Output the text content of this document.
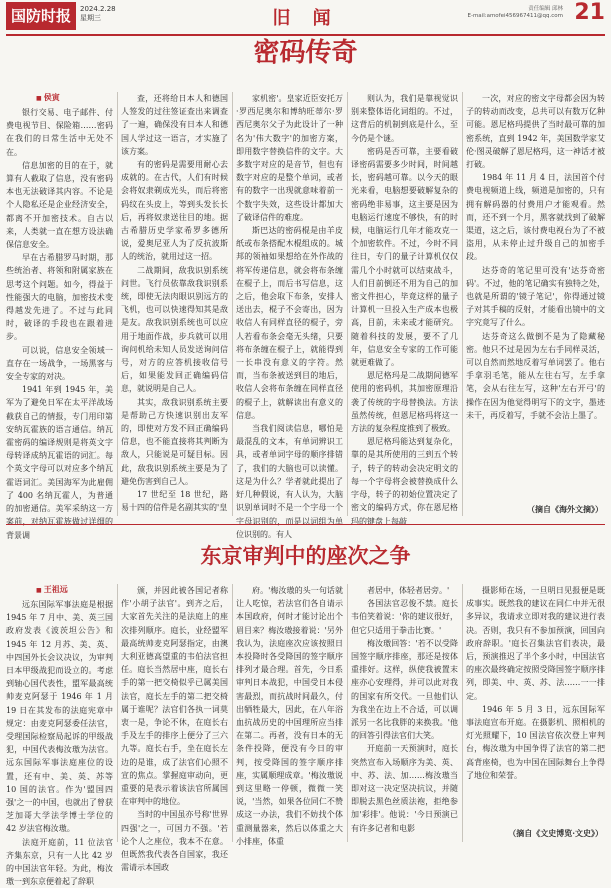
国防时报	2024.2.28
星期三	旧 闻	责任编辑 邱林
E-mail:amofei456967411@qq.com 21
密码传奇
■ 侯寅

银行交易、电子邮件、付费电视节目、保险箱……密码在我们的日常生活中无处不在。

信息加密的目的在于，就算有人截取了信息，没有密码本也无法破译其内容。不论是个人隐私还是企业经济安全，都离不开加密技术。自古以来，人类就一直在想方设法确保信息安全。

早在古希腊罗马时期，那些统治者、将领和附属家族在思考这个问题。如今，得益于性能强大的电脑，加密技术变得越发先进了。不过与此同时，破译的手段也在跟着进步。

可以说，信息安全领域一直存在一场战争，一场黑客与安全专家的对决。

1941 年到 1945 年，美军为了避免日军在太平洋战场截获自己的情报，专门用印第安纳瓦霍族的语言通信。纳瓦霍密码的编译规则是将英文字母转译成纳瓦霍语的词汇。每个英文字母可以对应多个纳瓦霍语词汇。美国海军为此雇佣了 400 名纳瓦霍人，为普通的加密通信。美军采纳这一方案前，对纳瓦霍族做过详细的背景调

查，还将给日本人和德国人签发的过往签证查出来调查了一遍，确保没有日本人和德国人学过这一语言，才实施了该方案。

有的密码是需要用耐心去成就的。在古代，人们有时候会将奴隶剃成光头，而后将密码纹在头皮上，等到头发长长后，再将奴隶送往目的地。据古希腊历史学家希罗多德所说，爱奥尼亚人为了反抗波斯人的统治，就用过这一招。

二战期间，敌我识别系统问世。飞行员依靠敌我识别系统，即使无法肉眼识别远方的飞机，也可以快速得知其是敌是友。敌我识别系统也可以应用于地面作战，步兵就可以用询问机给未知人员发送询问信号，对方的应答机接收信号后，如果能发回正确编码信息，就说明是自己人。

其实，敌我识别系统主要是帮助己方快速识别出友军的，即使对方发不回正确编码信息，也不能直接将其判断为敌人，只能说是可疑目标。因此，敌我识别系统主要是为了避免伤害到自己人。

17 世纪至 18 世纪，路易十四的信件是名副其实的'皇

家机密'。皇家近臣安托万·罗西尼奥尔和博纳旺蒂尔·罗西尼奥尔父子为此设计了一种名为'伟大数字'的加密方案，即用数字替换信件的文字。大多数字对应的是音节，但也有数字对应的是整个单词，或者有的数字一出现就意味着前一个数字失效，这些设计都加大了破译信件的难度。

斯巴达的密码棍是由羊皮纸或布条搭配木棍组成的。城邦的领袖如果想给在外作战的将军传递信息，就会将布条缠在棍子上，而后书写信息，这之后，他会取下布条，安排人送出去，棍子不会寄出，因为收信人有同样直径的棍子，旁人若看布条会毫无头绪，只要将布条缠在棍子上，就能得到一长串没有意义的字符。然而，当布条被送到目的地后，收信人会将布条缠在同样直径的棍子上，就解读出有意义的信息。

当我们阅读信息，哪怕是最混乱的文本，有单词辨识工具，或者单词字母的顺序排错了，我们的大脑也可以读懂。这是为什么？学者就此提出了好几种假说，有人认为，大脑识别单词时不是一个字母一个字母识别的，而是以词组为单位识别的。有人

则认为，我们是靠视觉识别来整体语化词组的。不过，这背后的机制到底是什么，至今仍是个谜。

密码是否可靠，主要看破译密码需要多少时间，时间越长，密码越可靠。以今天的眼光来看，电脑想要破解复杂的密码绝非易事，这主要是因为电脑运行速度不够快，有的时候，电脑运行几年才能攻克一个加密软件。不过，今时不同往日，专门的量子计算机仅仅需几个小时就可以结束战斗，人们目前倒还不用为自己的加密文件担心，毕竟这样的量子计算机一旦投入生产成本也极高，目前，未来或才能研究。随着科技的发展，要不了几年，信息安全专家的工作可能就更难做了。

恩尼格玛是二战期间德军使用的密码机，其加密原理沿袭了传统的字母替换法。方法虽然传统，但恩尼格玛将这一方法的复杂程度推到了极致。

恩尼格玛能达到复杂化，靠的是其所使用的三到五个转子，转子的转动会决定明文的每一个字母将会被替换成什么字母，转子的初始位置决定了密文的编码方式，你在恩尼格玛的键盘上每敲

一次，对应的密文字母都会因为转子的转动而改变，总共可以有数万亿种可能。恩尼格玛提供了当时最可靠的加密系统，直到 1942 年，美国数学家艾伦·图灵破解了恩尼格玛，这一神话才被打破。

1984 年 11 月 4 日，法国首个付费电视频道上线，频道是加密的，只有拥有解码器的付费用户才能观看。然而，还不到一个月，黑客就找到了破解渠道，这之后，该付费电视台为了不被盗用，从未停止过升级自己的加密手段。

达芬奇的笔记里可没有'达芬奇密码'。不过，他的笔记确实有独特之处，也就是所谓的'镜子笔记'，你得通过镜子对其手稿的反射，才能看出镜中的文字究竟写了什么。

达芬奇这么做倒不是为了隐藏秘密。他只不过是因为左右手同样灵活，可以自然而然地反着写单词罢了。他右手拿羽毛笔，能从左往右写，左手拿笔，会从右往左写，这种'左右开弓'的操作在因为他觉得明写下的文字，墨迹未干，再反着写，手就不会沾上墨了。

（摘自《海外文摘》）
东京审判中的座次之争
■ 王祖远

远东国际军事法庭是根据 1945 年 7 月中、美、英三国政府发表《波茨坦公告》和 1945 年 12 月苏、美、英、中四国外长会议决议，为审判日本甲级战犯而设立的。考虑到轴心国代表性，盟军最高统帅麦克阿瑟于 1946 年 1 月 19 日在其发布的法庭宪章中规定：由麦克阿瑟委任法官，受理国际检察局起诉的甲级战犯，中国代表梅汝璈为法官。远东国际军事法庭座位的设置，还有中、美、英、苏等 10 国的法官。作为'盟国四强'之一的中国，也就出了曾获芝加哥大学法学博士学位的 42 岁法官梅汝璈。

法庭开庭前，11 位法官齐集东京，只有一人比 42 岁的中国法官年轻。为此，梅汝璈一到东京便着起了辞职

颁，并因此被各国记者称作'小胡子法官'。到齐之后，大家首先关注的是法庭上的座次排列顺序。庭长，业经盟军最高统帅麦克阿瑟指定，由澳大利亚德高望重的韦伯法官担任。庭长当然居中座，庭长右手的第一把交椅似乎已属美国法官，庭长左手的第二把交椅属于谁呢？法官们各执一词莫衷一是，争论不休，在庭长右手及左手的排序上便分了三六九等。庭长右手，坐在庭长左边的是谁，成了法官们心照不宣的焦点。掌握庭审动向，更重要的是表示着该法官所属国在审判中的地位。

当时的中国虽亦号称'世界四强'之一，可国力不强。'若论个人之座位，我本不在意。但既然我代表各自国家，我还需请示本国政

府。'梅汝璈的头一句话就让人吃惊，若法官们各自请示本国政府，何时才能讨论出个眉目来？梅汝璈接着说：'另外我认为，法庭座次应该按照日本投降时各受降国的签字顺序排列才最合理。首先，今日系审判日本战犯，中国受日本侵害最烈，而抗战时间最久，付出牺牲最大，因此，在八年浴血抗战历史的中国理所应当排在第二。再者，没有日本的无条件投降，便没有今日的审判，按受降国的签字顺序排座，实属顺理成章。'梅汝璈说到这里略一停顿，微微一笑说，'当然，如果各位同仁不赞成这一办法，我们不妨找个体重测量器来，然后以体重之大小排座，体重

者居中，体轻者居旁。'

各国法官忍俊不禁。庭长韦伯笑着说：'你的建议很好，但它只适用于拳击比赛。'

梅汝璈回答：'若不以受降国签字顺序排座，那还是按体重排好。这样，纵使我被置末座亦心安理得，并可以此对我的国家有所交代。一旦他们认为我坐在边上不合适，可以调派另一名比我胖的来换我。'他的回答引得法官们大笑。

开庭前一天预演时，庭长突然宣布入场顺序为美、英、中、苏、法、加……梅汝璈当即对这一决定坚决抗议，并随即脱去黑色丝质法袍，拒绝参加'彩排'。他说：'今日预演已有许多记者和电影

摄影师在场，一旦明日见报便是既成事实。既然我的建议在同仁中并无很多异议，我请求立即对我的建议进行表决。否则，我只有不参加预演，回国向政府辞职。'庭长召集法官们表决，最后，预演推迟了半个多小时，中国法官的座次最终确定按照受降国签字顺序排列，即美、中、英、苏、法……一一排定。

1946 年 5 月 3 日，远东国际军事法庭宣布开庭。在摄影机、照相机的灯光照耀下，10 国法官依次登上审判台，梅汝璈为中国争得了法官的第二把高背座椅，也为中国在国际舞台上争得了地位和荣誉。

（摘自《文史博览·文史》）
